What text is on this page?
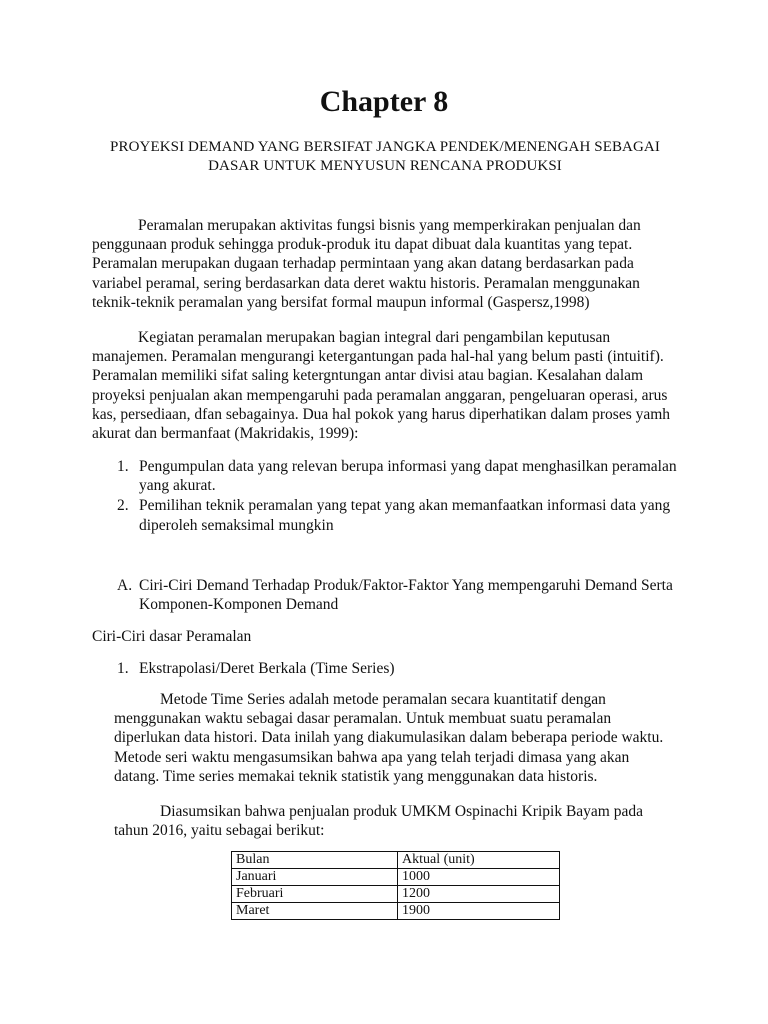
Chapter 8

PROYEKSI DEMAND YANG BERSIFAT JANGKA PENDEK/MENENGAH SEBAGAI DASAR UNTUK MENYUSUN RENCANA PRODUKSI

Peramalan merupakan aktivitas fungsi bisnis yang memperkirakan penjualan dan penggunaan produk sehingga produk-produk itu dapat dibuat dala kuantitas yang tepat. Peramalan merupakan dugaan terhadap permintaan yang akan datang berdasarkan pada variabel peramal, sering berdasarkan data deret waktu historis. Peramalan menggunakan teknik-teknik peramalan yang bersifat formal maupun informal (Gaspersz,1998)

Kegiatan peramalan merupakan bagian integral dari pengambilan keputusan manajemen. Peramalan mengurangi ketergantungan pada hal-hal yang belum pasti (intuitif). Peramalan memiliki sifat saling ketergntungan antar divisi atau bagian. Kesalahan dalam proyeksi penjualan akan mempengaruhi pada peramalan anggaran, pengeluaran operasi, arus kas, persediaan, dfan sebagainya. Dua hal pokok yang harus diperhatikan dalam proses yamh akurat dan bermanfaat (Makridakis, 1999):

1. Pengumpulan data yang relevan berupa informasi yang dapat menghasilkan peramalan yang akurat.
2. Pemilihan teknik peramalan yang tepat yang akan memanfaatkan informasi data yang diperoleh semaksimal mungkin
A. Ciri-Ciri Demand Terhadap Produk/Faktor-Faktor Yang mempengaruhi Demand Serta Komponen-Komponen Demand

Ciri-Ciri dasar Peramalan

1. Ekstrapolasi/Deret Berkala (Time Series)

Metode Time Series adalah metode peramalan secara kuantitatif dengan menggunakan waktu sebagai dasar peramalan. Untuk membuat suatu peramalan diperlukan data histori. Data inilah yang diakumulasikan dalam beberapa periode waktu. Metode seri waktu mengasumsikan bahwa apa yang telah terjadi dimasa yang akan datang. Time series memakai teknik statistik yang menggunakan data historis.

Diasumsikan bahwa penjualan produk UMKM Ospinachi Kripik Bayam pada tahun 2016, yaitu sebagai berikut:

Bulan	Aktual (unit)
Januari	1000
Februari	1200
Maret	1900
